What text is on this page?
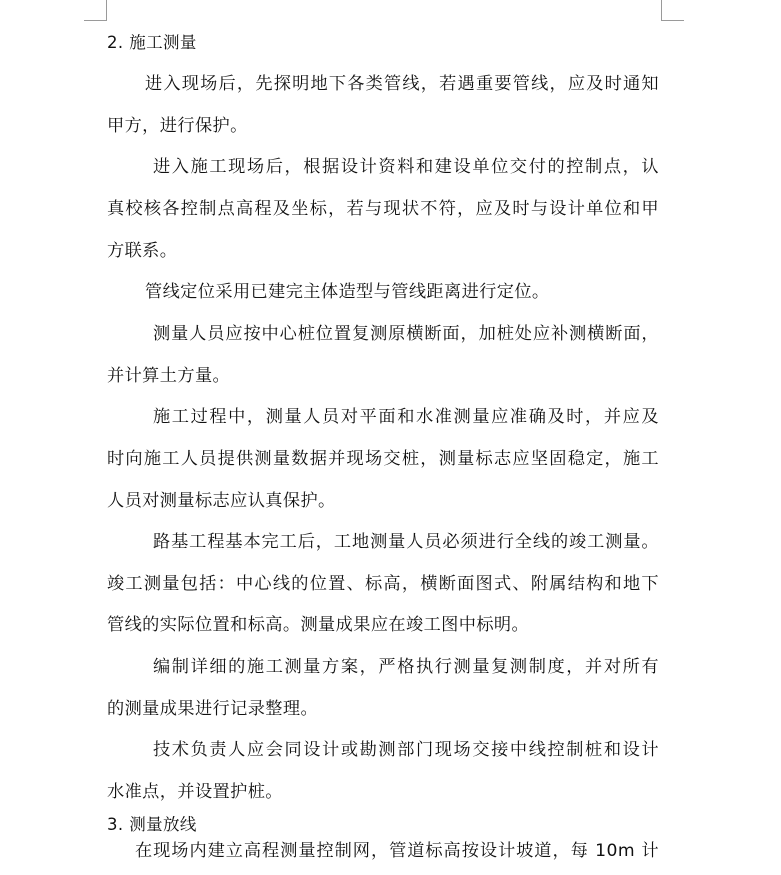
2. 施工测量
进入现场后，先探明地下各类管线，若遇重要管线，应及时通知
甲方，进行保护。
进入施工现场后，根据设计资料和建设单位交付的控制点，认
真校核各控制点高程及坐标，若与现状不符，应及时与设计单位和甲
方联系。
管线定位采用已建完主体造型与管线距离进行定位。
测量人员应按中心桩位置复测原横断面，加桩处应补测横断面，
并计算土方量。
施工过程中，测量人员对平面和水准测量应准确及时，并应及
时向施工人员提供测量数据并现场交桩，测量标志应坚固稳定，施工
人员对测量标志应认真保护。
路基工程基本完工后，工地测量人员必须进行全线的竣工测量。
竣工测量包括：中心线的位置、标高，横断面图式、附属结构和地下
管线的实际位置和标高。测量成果应在竣工图中标明。
编制详细的施工测量方案，严格执行测量复测制度，并对所有
的测量成果进行记录整理。
技术负责人应会同设计或勘测部门现场交接中线控制桩和设计
水准点，并设置护桩。
3. 测量放线
在现场内建立高程测量控制网，管道标高按设计坡道，每 10m 计
